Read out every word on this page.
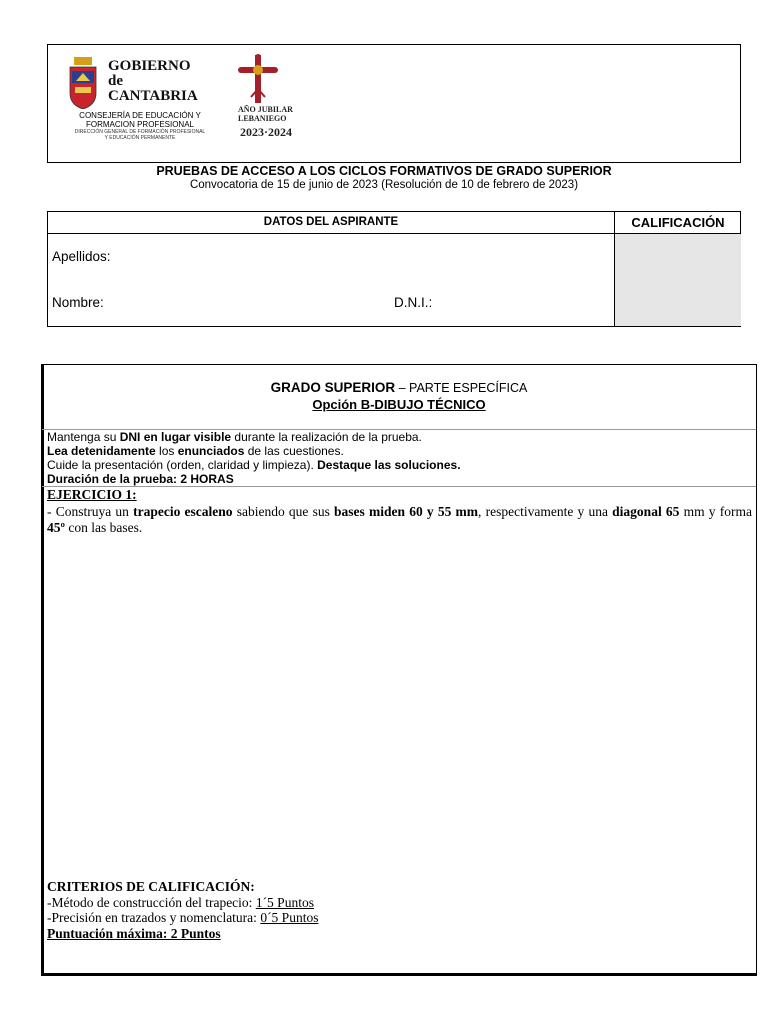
GOBIERNO
de
CANTABRIA
CONSEJERÍA DE EDUCACIÓN Y
FORMACION PROFESIONAL
DIRECCIÓN GENERAL DE FORMACIÓN PROFESIONAL
Y EDUCACIÓN PERMANENTE
AÑO JUBILAR
LEBANIEGO
2023·2024
PRUEBAS DE ACCESO A LOS CICLOS FORMATIVOS DE GRADO SUPERIOR
Convocatoria de 15 de junio de 2023 (Resolución de 10 de febrero de 2023)
DATOS DEL ASPIRANTE	CALIFICACIÓN
Apellidos:
Nombre:	D.N.I.:
GRADO SUPERIOR – PARTE ESPECÍFICA
Opción B-DIBUJO TÉCNICO
Mantenga su DNI en lugar visible durante la realización de la prueba.
Lea detenidamente los enunciados de las cuestiones.
Cuide la presentación (orden, claridad y limpieza). Destaque las soluciones.
Duración de la prueba: 2 HORAS
EJERCICIO 1:
- Construya un trapecio escaleno sabiendo que sus bases miden 60 y 55 mm, respectivamente y una diagonal 65 mm y forma 45º con las bases.
CRITERIOS DE CALIFICACIÓN:
-Método de construcción del trapecio: 1´5 Puntos
-Precisión en trazados y nomenclatura: 0´5 Puntos
Puntuación máxima: 2 Puntos
